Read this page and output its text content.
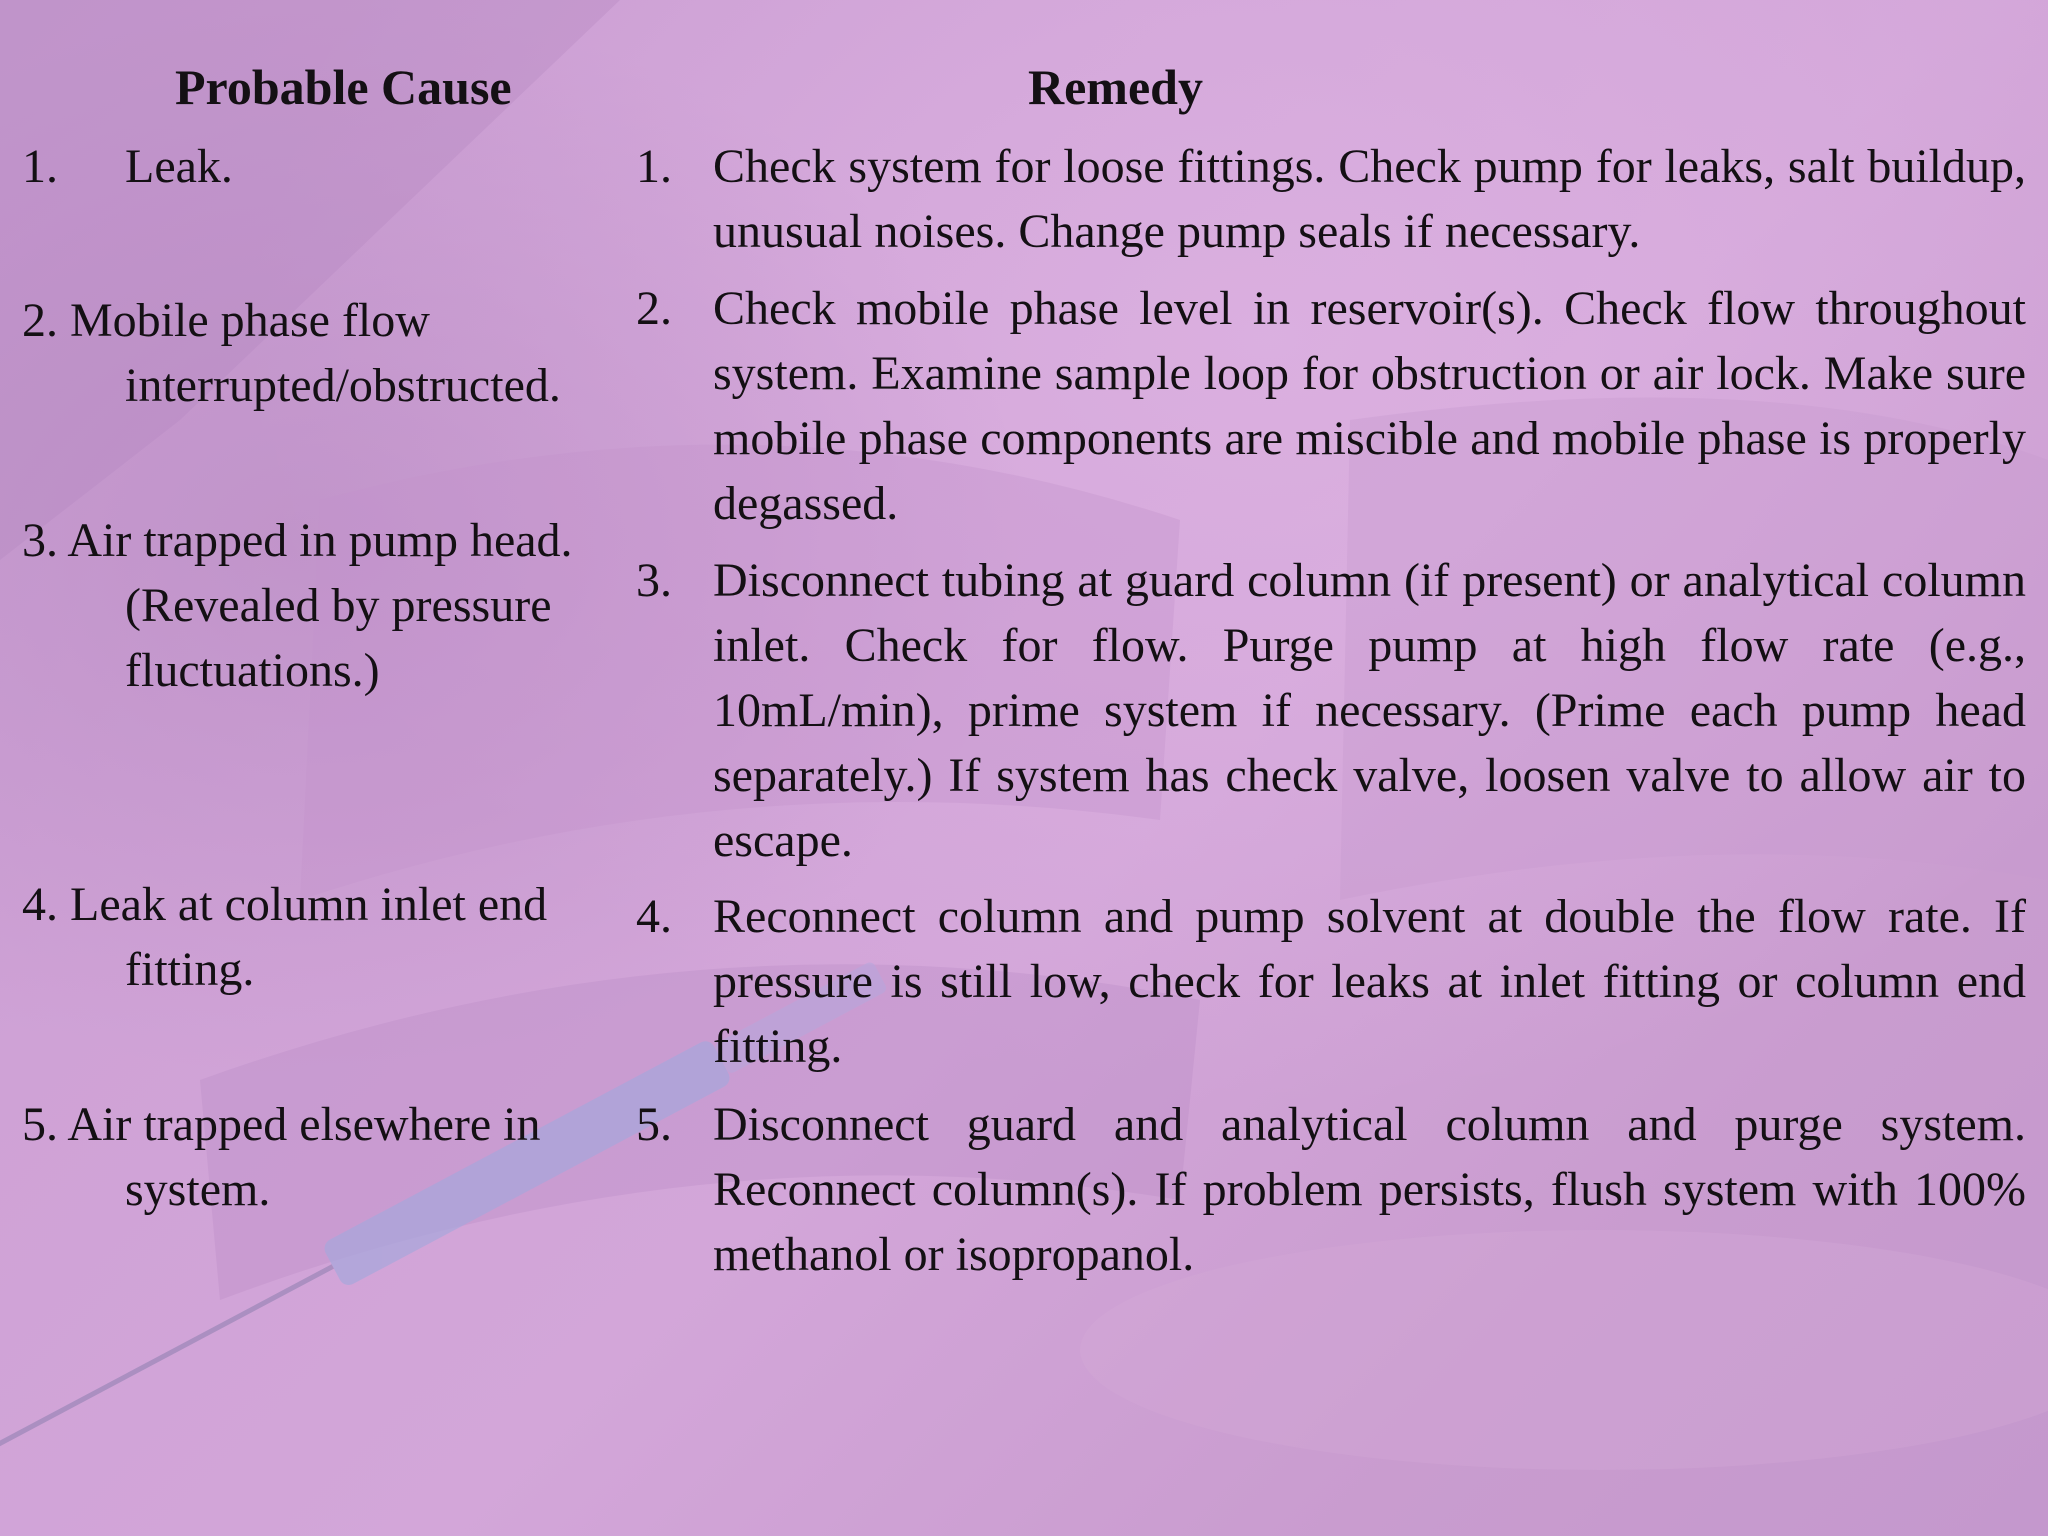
Probable Cause	Remedy
1. Leak.
2. Mobile phase flow
interrupted/obstructed.
3. Air trapped in pump head.
(Revealed by pressure fluctuations.)
4. Leak at column inlet end
fitting.
5. Air trapped elsewhere in
system.
1. Check system for loose fittings. Check pump for leaks, salt buildup, unusual noises. Change pump seals if necessary.
2. Check mobile phase level in reservoir(s). Check flow throughout system. Examine sample loop for obstruction or air lock. Make sure mobile phase components are miscible and mobile phase is properly degassed.
3. Disconnect tubing at guard column (if present) or analytical column inlet. Check for flow. Purge pump at high flow rate (e.g., 10mL/min), prime system if necessary. (Prime each pump head separately.) If system has check valve, loosen valve to allow air to escape.
4. Reconnect column and pump solvent at double the flow rate. If pressure is still low, check for leaks at inlet fitting or column end fitting.
5. Disconnect guard and analytical column and purge system. Reconnect column(s). If problem persists, flush system with 100% methanol or isopropanol.
